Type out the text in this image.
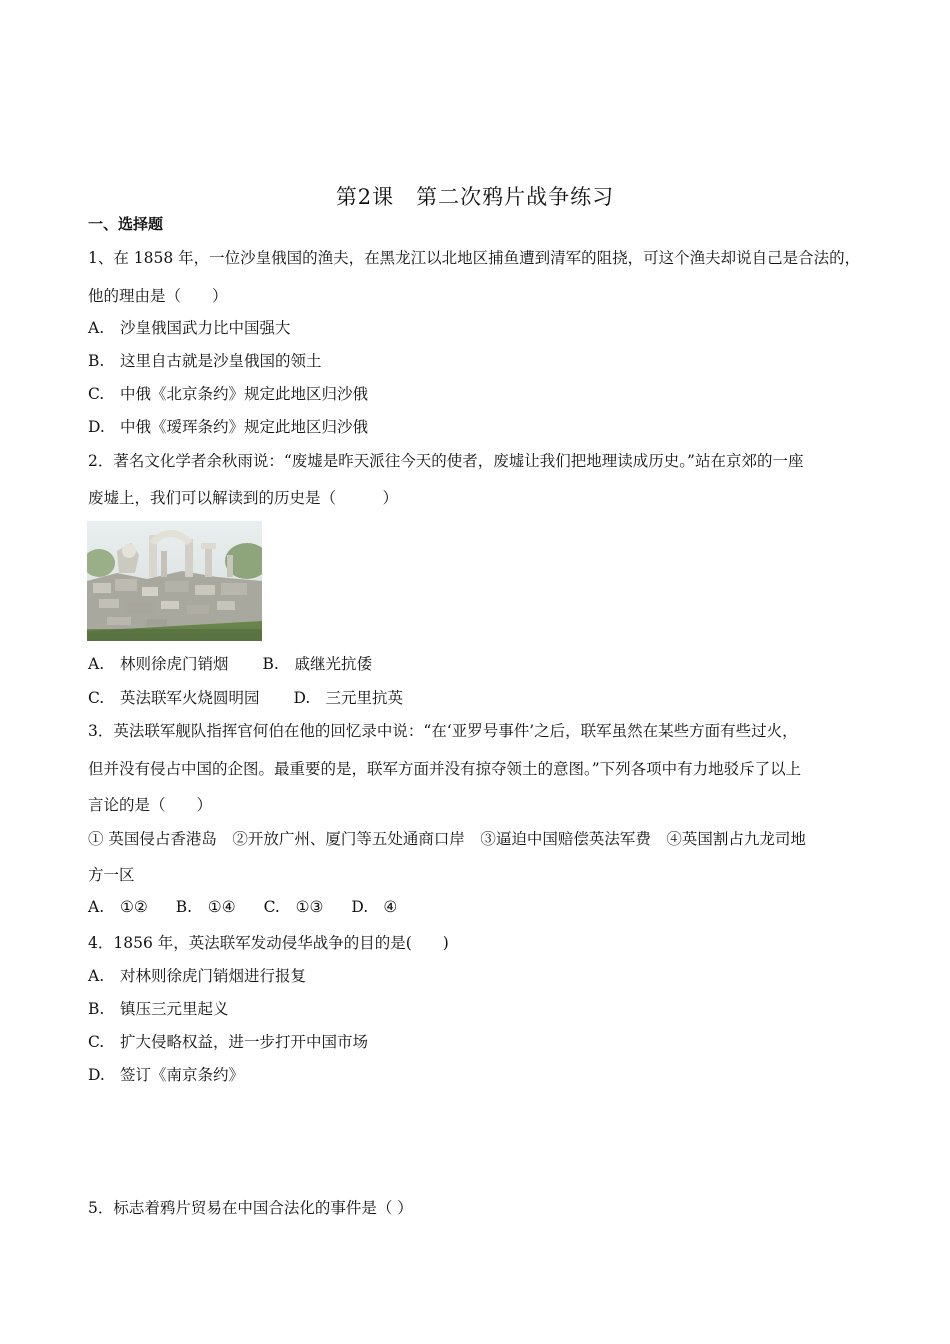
第2课　第二次鸦片战争练习
一、选择题
1、在 1858 年，一位沙皇俄国的渔夫，在黑龙江以北地区捕鱼遭到清军的阻挠，可这个渔夫却说自己是合法的，
他的理由是（　　）
A. 沙皇俄国武力比中国强大
B. 这里自古就是沙皇俄国的领土
C. 中俄《北京条约》规定此地区归沙俄
D. 中俄《瑷珲条约》规定此地区归沙俄
2．著名文化学者余秋雨说：“废墟是昨天派往今天的使者，废墟让我们把地理读成历史。”站在京郊的一座
废墟上，我们可以解读到的历史是（　　　）
A. 林则徐虎门销烟 B. 戚继光抗倭
C. 英法联军火烧圆明园 D. 三元里抗英
3．英法联军舰队指挥官何伯在他的回忆录中说：“在‘亚罗号事件’之后，联军虽然在某些方面有些过火，
但并没有侵占中国的企图。最重要的是，联军方面并没有掠夺领土的意图。”下列各项中有力地驳斥了以上
言论的是（　　）
① 英国侵占香港岛　②开放广州、厦门等五处通商口岸　③逼迫中国赔偿英法军费　④英国割占九龙司地
方一区
A. ①② B. ①④ C. ①③ D. ④
4．1856 年，英法联军发动侵华战争的目的是(　　)
A. 对林则徐虎门销烟进行报复
B. 镇压三元里起义
C. 扩大侵略权益，进一步打开中国市场
D. 签订《南京条约》
5．标志着鸦片贸易在中国合法化的事件是（ ）
